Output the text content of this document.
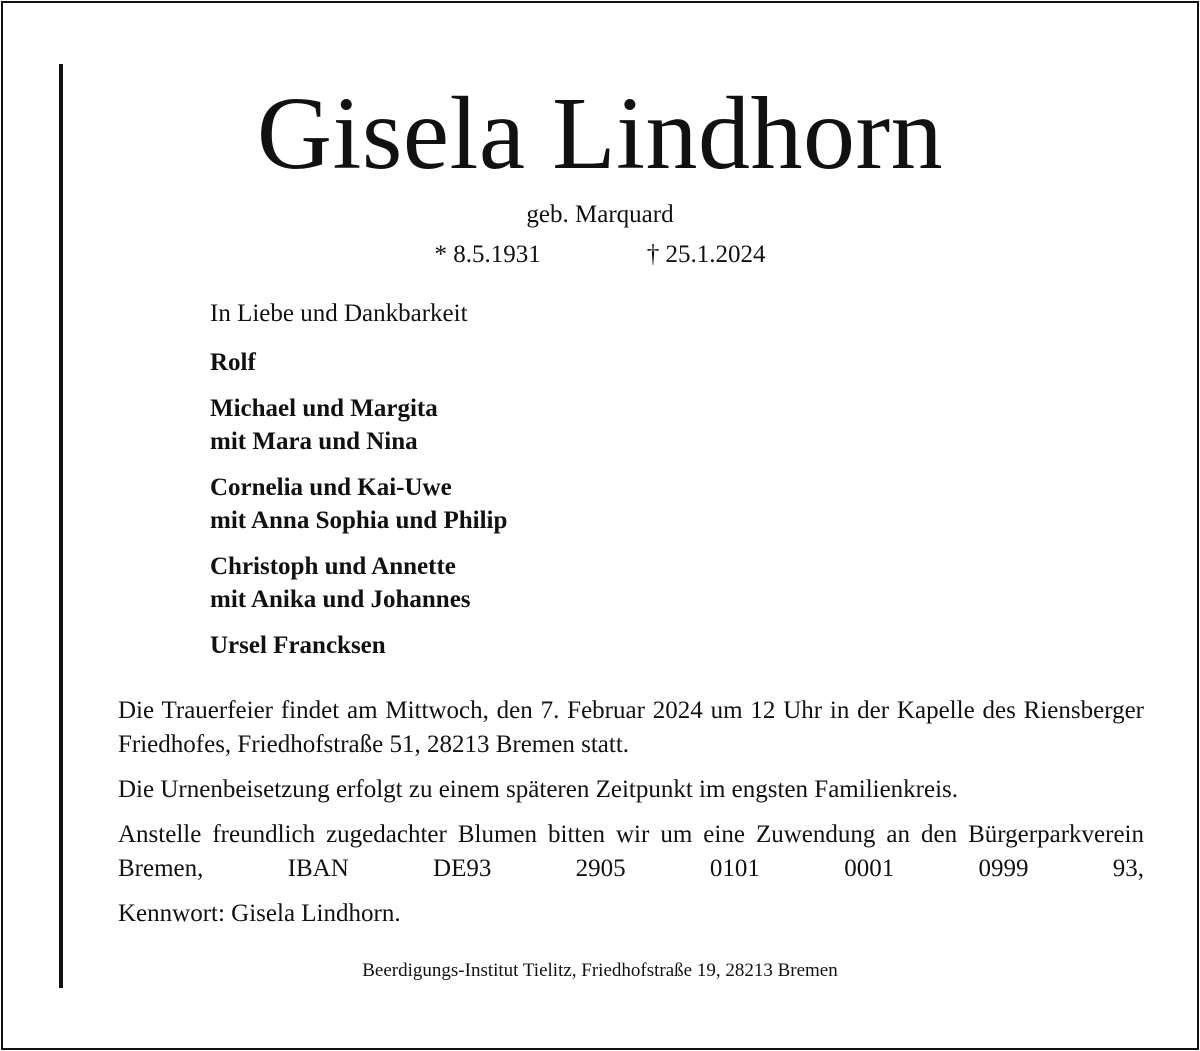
Gisela Lindhorn
geb. Marquard
* 8.5.1931	† 25.1.2024
In Liebe und Dankbarkeit
Rolf
Michael und Margita
mit Mara und Nina
Cornelia und Kai-Uwe
mit Anna Sophia und Philip
Christoph und Annette
mit Anika und Johannes
Ursel Francksen

Die Trauerfeier findet am Mittwoch, den 7. Februar 2024 um 12 Uhr in der Kapelle des Riensberger Friedhofes, Friedhofstraße 51, 28213 Bremen statt.

Die Urnenbeisetzung erfolgt zu einem späteren Zeitpunkt im engsten Familienkreis.

Anstelle freundlich zugedachter Blumen bitten wir um eine Zuwendung an den Bürgerparkverein Bremen, IBAN DE93 2905 0101 0001 0999 93,

Kennwort: Gisela Lindhorn.
Beerdigungs-Institut Tielitz, Friedhofstraße 19, 28213 Bremen
